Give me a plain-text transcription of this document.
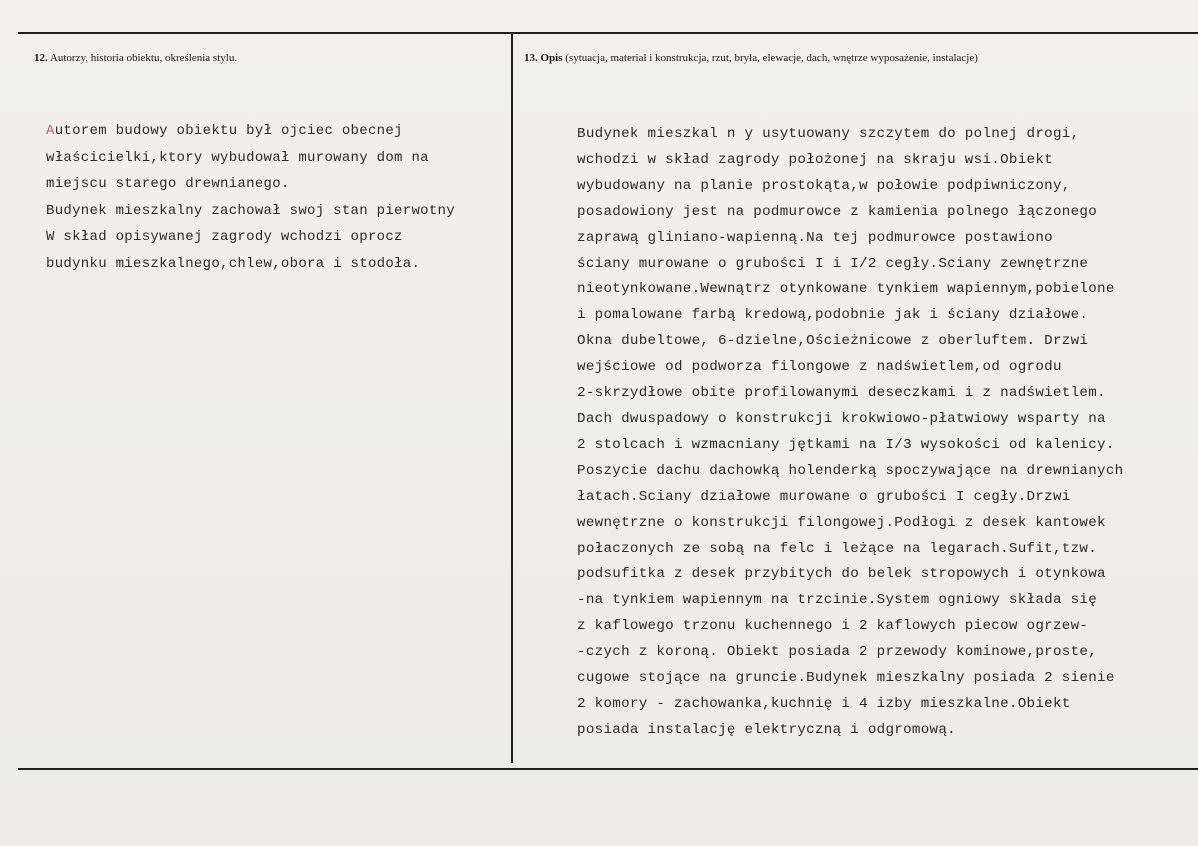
12. Autorzy, historia obiektu, określenia stylu.	13. Opis (sytuacja, materiał i konstrukcja, rzut, bryła, elewacje, dach, wnętrze wyposażenie, instalacje)
Autorem budowy obiektu był ojciec obecnej
właścicielki,ktory wybudował murowany dom na
miejscu starego drewnianego.
Budynek mieszkalny zachował swoj stan pierwotny
W skład opisywanej zagrody wchodzi oprocz
budynku mieszkalnego,chlew,obora i stodoła.
Budynek mieszkal n y usytuowany szczytem do polnej drogi,
wchodzi w skład zagrody położonej na skraju wsi.Obiekt
wybudowany na planie prostokąta,w połowie podpiwniczony,
posadowiony jest na podmurowce z kamienia polnego łączonego
zaprawą gliniano-wapienną.Na tej podmurowce postawiono
ściany murowane o grubości I i I/2 cegły.Sciany zewnętrzne
nieotynkowane.Wewnątrz otynkowane tynkiem wapiennym,pobielone
i pomalowane farbą kredową,podobnie jak i ściany działowe.
Okna dubeltowe, 6-dzielne,Ościeżnicowe z oberluftem. Drzwi
wejściowe od podworza filongowe z nadświetlem,od ogrodu
2-skrzydłowe obite profilowanymi deseczkami i z nadświetlem.
Dach dwuspadowy o konstrukcji krokwiowo-płatwiowy wsparty na
2 stolcach i wzmacniany jętkami na I/3 wysokości od kalenicy.
Poszycie dachu dachowką holenderką spoczywające na drewnianych
łatach.Sciany działowe murowane o grubości I cegły.Drzwi
wewnętrzne o konstrukcji filongowej.Podłogi z desek kantowek
połaczonych ze sobą na felc i leżące na legarach.Sufit,tzw.
podsufitka z desek przybitych do belek stropowych i otynkowa
-na tynkiem wapiennym na trzcinie.System ogniowy składa się
z kaflowego trzonu kuchennego i 2 kaflowych piecow ogrzew-
-czych z koroną. Obiekt posiada 2 przewody kominowe,proste,
cugowe stojące na gruncie.Budynek mieszkalny posiada 2 sienie
2 komory - zachowanka,kuchnię i 4 izby mieszkalne.Obiekt
posiada instalację elektryczną i odgromową.
